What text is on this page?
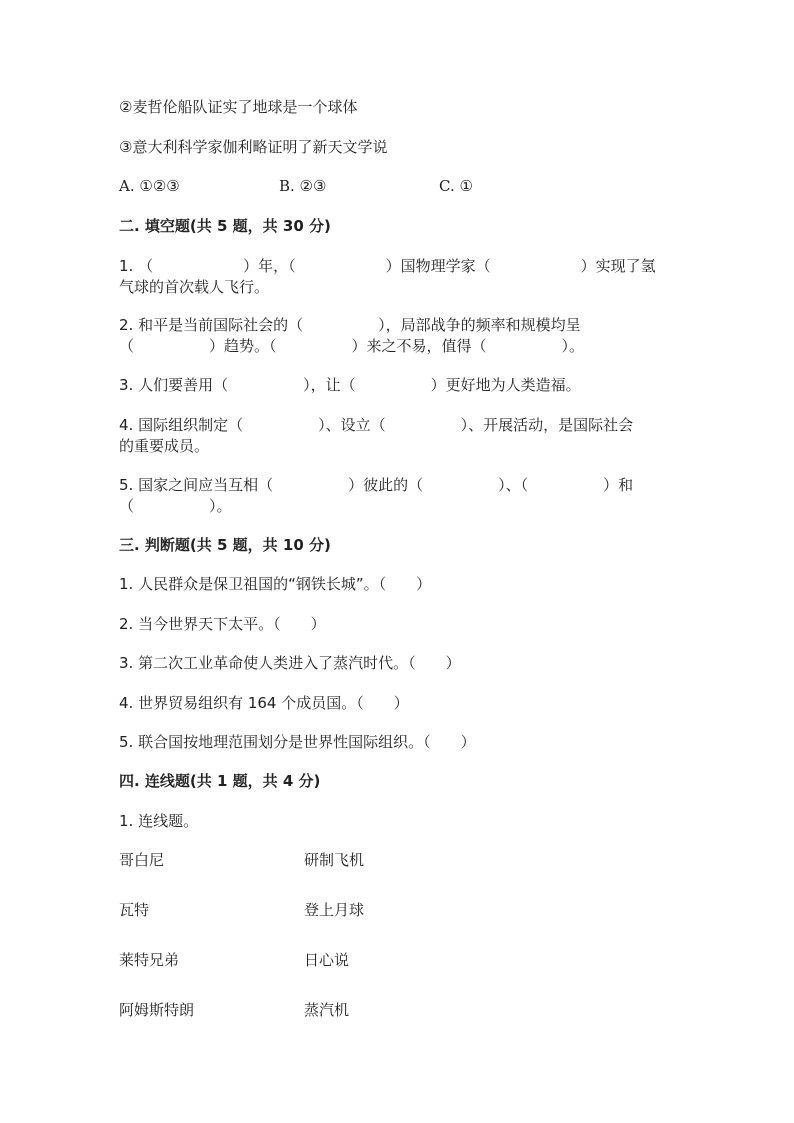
②麦哲伦船队证实了地球是一个球体

③意大利科学家伽利略证明了新天文学说

A. ①②③	B. ②③	C. ①

二. 填空题(共 5 题，共 30 分)

1. （　　　　　　）年，（　　　　　　）国物理学家（　　　　　　）实现了氢

气球的首次载人飞行。

2. 和平是当前国际社会的（　　　　　），局部战争的频率和规模均呈

（　　　　　）趋势。（　　　　　）来之不易，值得（　　　　　）。

3. 人们要善用（　　　　　），让（　　　　　）更好地为人类造福。

4. 国际组织制定（　　　　　）、设立（　　　　　）、开展活动，是国际社会

的重要成员。

5. 国家之间应当互相（　　　　　）彼此的（　　　　　）、（　　　　　）和

（　　　　　）。

三. 判断题(共 5 题，共 10 分)

1. 人民群众是保卫祖国的“钢铁长城”。（　　）

2. 当今世界天下太平。（　　）

3. 第二次工业革命使人类进入了蒸汽时代。（　　）

4. 世界贸易组织有 164 个成员国。（　　）

5. 联合国按地理范围划分是世界性国际组织。（　　）

四. 连线题(共 1 题，共 4 分)

1. 连线题。

哥白尼	研制飞机
瓦特	登上月球
莱特兄弟	日心说
阿姆斯特朗	蒸汽机
